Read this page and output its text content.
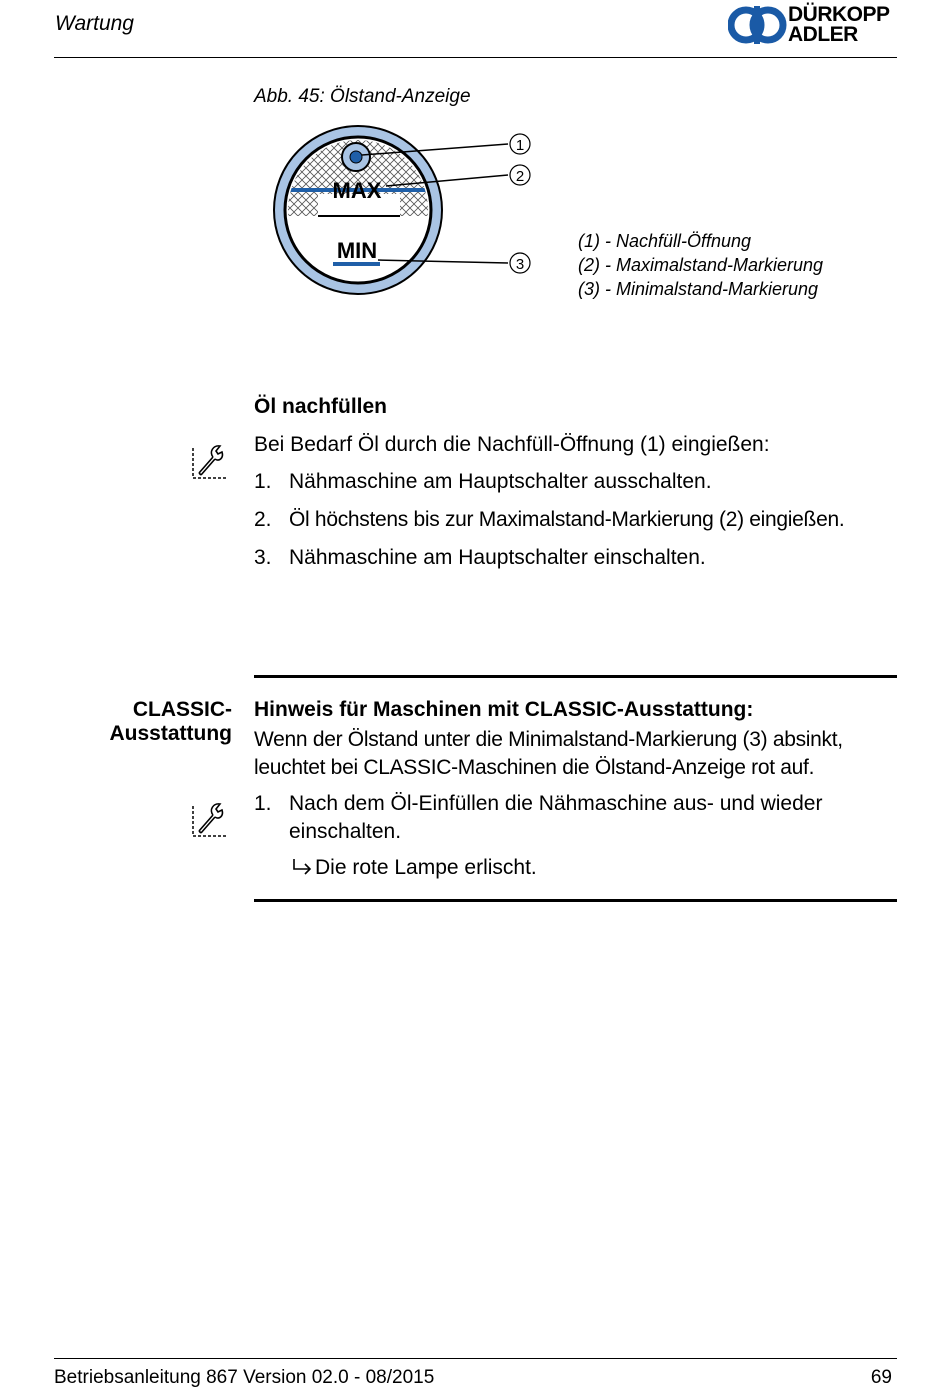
Wartung	DÜRKOPP
ADLER
Abb. 45: Ölstand-Anzeige
MAX
MIN
1
2
3
(1) - Nachfüll-Öffnung
(2) - Maximalstand-Markierung
(3) - Minimalstand-Markierung
Öl nachfüllen
Bei Bedarf Öl durch die Nachfüll-Öffnung (1) eingießen:
1. Nähmaschine am Hauptschalter ausschalten.
2. Öl höchstens bis zur Maximalstand-Markierung (2) eingießen.
3. Nähmaschine am Hauptschalter einschalten.
CLASSIC-
Ausstattung
Hinweis für Maschinen mit CLASSIC-Ausstattung:
Wenn der Ölstand unter die Minimalstand-Markierung (3) absinkt, leuchtet bei CLASSIC-Maschinen die Ölstand-Anzeige rot auf.
1. Nach dem Öl-Einfüllen die Nähmaschine aus- und wieder einschalten.
Die rote Lampe erlischt.
Betriebsanleitung 867 Version 02.0 - 08/2015	69
